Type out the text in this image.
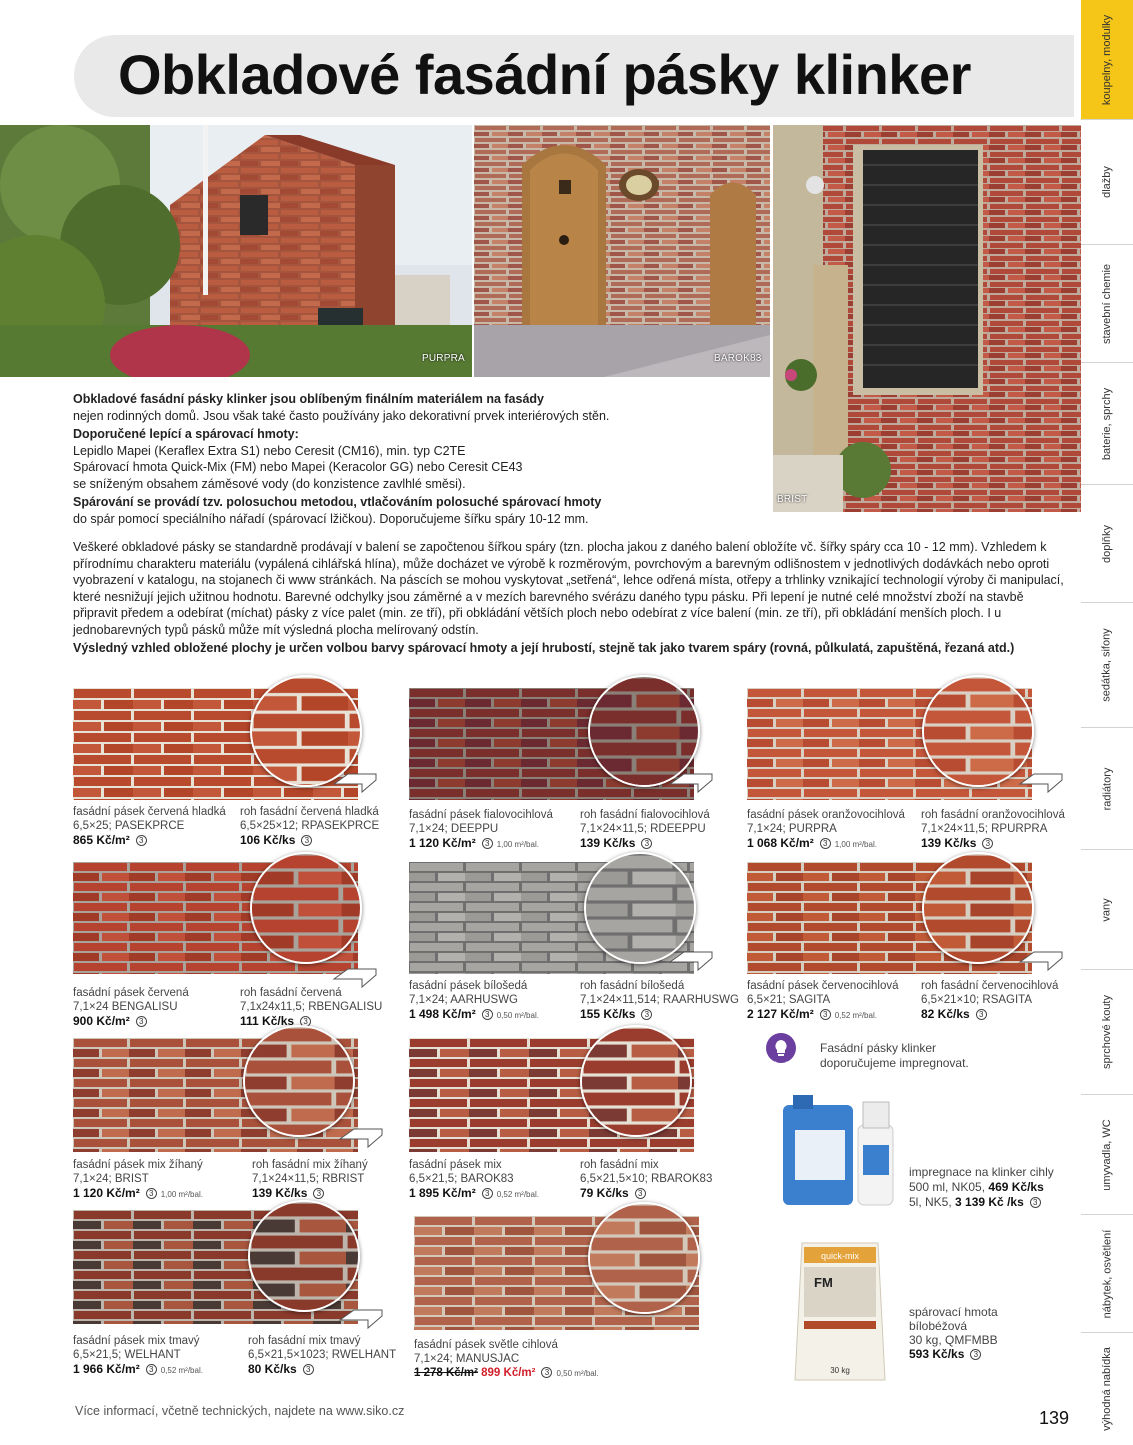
Obkladové fasádní pásky klinker	koupelny, modulky
dlažby
stavební chemie
baterie, sprchy
doplňky
sedátka, sifony
radiátory
vany
sprchové kouty
umyvadla, WC
nábytek, osvětlení
výhodná nabídka
PURPRA	BAROK83
BRIST
Obkladové fasádní pásky klinker jsou oblíbeným finálním materiálem na fasády
nejen rodinných domů. Jsou však také často používány jako dekorativní prvek interiérových stěn.
Doporučené lepící a spárovací hmoty:
Lepidlo Mapei (Keraflex Extra S1) nebo Ceresit (CM16), min. typ C2TE
Spárovací hmota Quick-Mix (FM) nebo Mapei (Keracolor GG) nebo Ceresit CE43
se sníženým obsahem záměsové vody (do konzistence zavlhlé směsi).
Spárování se provádí tzv. polosuchou metodou, vtlačováním polosuché spárovací hmoty
do spár pomocí speciálního nářadí (spárovací lžičkou). Doporučujeme šířku spáry 10-12 mm.
Veškeré obkladové pásky se standardně prodávají v balení se započtenou šířkou spáry (tzn. plocha jakou z daného balení obložíte vč. šířky spáry cca 10 - 12 mm). Vzhledem k přírodnímu charakteru materiálu (vypálená cihlářská hlína), může docházet ve výrobě k rozměrovým, povrchovým a barevným odlišnostem v jednotlivých dodávkách nebo oproti vyobrazení v katalogu, na stojanech či www stránkách. Na páscích se mohou vyskytovat „setřená“, lehce odřená místa, otřepy a trhlinky vznikající technologií výroby či manipulací, které nesnižují jejich užitnou hodnotu. Barevné odchylky jsou záměrné a v mezích barevného svérázu daného typu pásku. Při lepení je nutné celé množství zboží na stavbě připravit předem a odebírat (míchat) pásky z více palet (min. ze tří), při obkládání větších ploch nebo odebírat z více balení (min. ze tří), při obkládání menších ploch. I u jednobarevných typů pásků může mít výsledná plocha melírovaný odstín.
Výsledný vzhled obložené plochy je určen volbou barvy spárovací hmoty a její hrubostí, stejně tak jako tvarem spáry (rovná, půlkulatá, zapuštěná, řezaná atd.)
fasádní pásek červená hladká
6,5×25; PASEKPRCE
865 Kč/m² 3
roh fasádní červená hladká
6,5×25×12; RPASEKPRCE
106 Kč/ks 3
fasádní pásek fialovocihlová
7,1×24; DEEPPU
1 120 Kč/m² 3 1,00 m²/bal.
roh fasádní fialovocihlová
7,1×24×11,5; RDEEPPU
139 Kč/ks 3
fasádní pásek oranžovocihlová
7,1×24; PURPRA
1 068 Kč/m² 3 1,00 m²/bal.
roh fasádní oranžovocihlová
7,1×24×11,5; RPURPRA
139 Kč/ks 3
fasádní pásek červená
7,1×24 BENGALISU
900 Kč/m² 3
roh fasádní červená
7,1x24x11,5; RBENGALISU
111 Kč/ks 3
fasádní pásek bílošedá
7,1×24; AARHUSWG
1 498 Kč/m² 3 0,50 m²/bal.
roh fasádní bílošedá
7,1×24×11,514; RAARHUSWG
155 Kč/ks 3
fasádní pásek červenocihlová
6,5×21; SAGITA
2 127 Kč/m² 3 0,52 m²/bal.
roh fasádní červenocihlová
6,5×21×10; RSAGITA
82 Kč/ks 3
fasádní pásek mix žíhaný
7,1×24; BRIST
1 120 Kč/m² 3 1,00 m²/bal.
roh fasádní mix žíhaný
7,1×24×11,5; RBRIST
139 Kč/ks 3
fasádní pásek mix
6,5×21,5; BAROK83
1 895 Kč/m² 3 0,52 m²/bal.
roh fasádní mix
6,5×21,5×10; RBAROK83
79 Kč/ks 3
Rada
Fasádní pásky klinker
doporučujeme impregnovat.
impregnace na klinker cihly
500 ml, NK05, 469 Kč/ks
5l, NK5, 3 139 Kč /ks 3
fasádní pásek mix tmavý
6,5×21,5; WELHANT
1 966 Kč/m² 3 0,52 m²/bal.
roh fasádní mix tmavý
6,5×21,5×1023; RWELHANT
80 Kč/ks 3
fasádní pásek světle cihlová
7,1×24; MANUSJAC
1 278 Kč/m² 899 Kč/m² 3 0,50 m²/bal.
quick-mix
FM
30 kg
spárovací hmota
bílobéžová
30 kg, QMFMBB
593 Kč/ks 3
Více informací, včetně technických, najdete na www.siko.cz	139
